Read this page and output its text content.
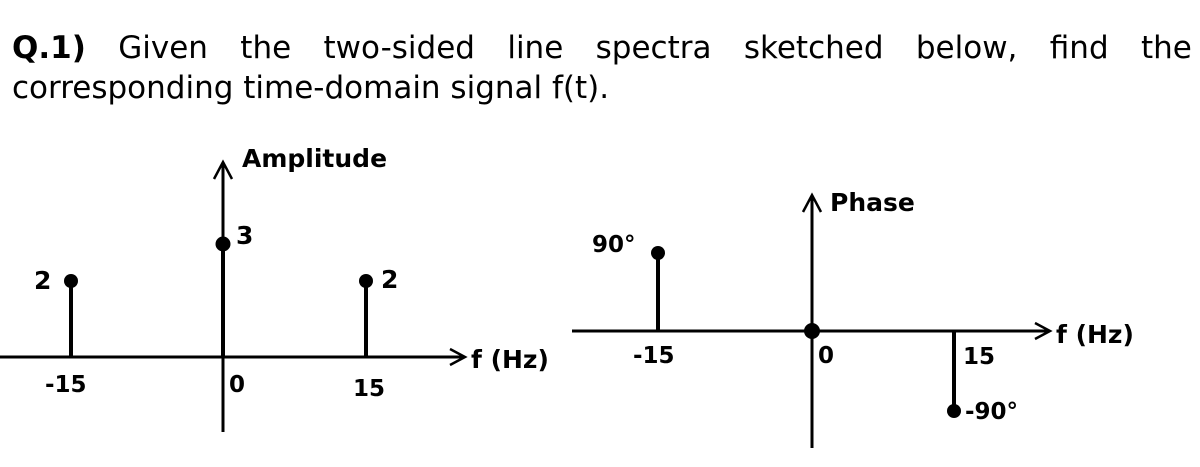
Q.1) Given the two-sided line spectra sketched below, find the
corresponding time-domain signal f(t).
Amplitude
2
3
2
-15	0	15
f (Hz)
Phase
90°
-90°
-15	0	15
f (Hz)
